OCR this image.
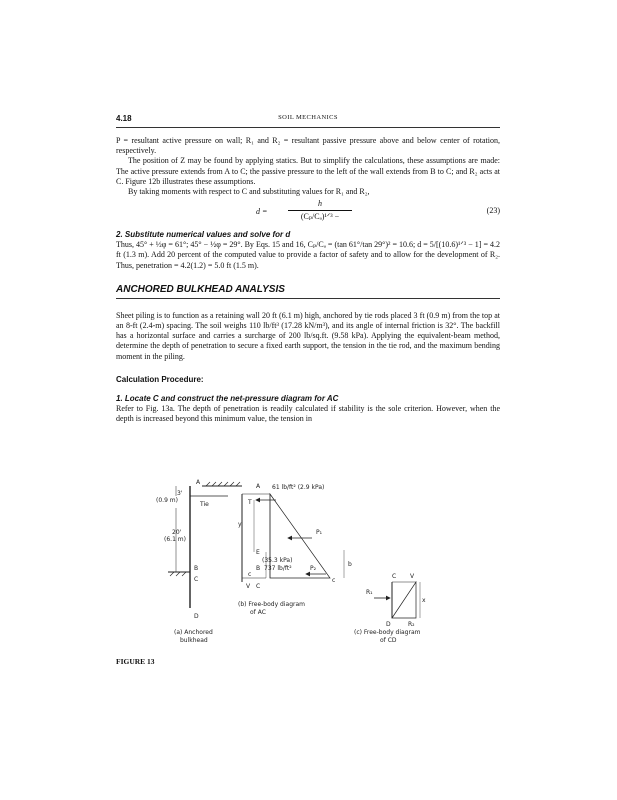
4.18	SOIL MECHANICS

P = resultant active pressure on wall; R₁ and R₂ = resultant passive pressure above and below center of rotation, respectively.

The position of Z may be found by applying statics. But to simplify the calculations, these assumptions are made: The active pressure extends from A to C; the passive pressure to the left of the wall extends from B to C; and R₂ acts at C. Figure 12b illustrates these assumptions.

By taking moments with respect to C and substituting values for R₁ and R₂,

d =
h
(Cₚ/Cₐ)¹ᐟ³ −
(23)
2. Substitute numerical values and solve for d

Thus, 45° + ½φ = 61°; 45° − ½φ = 29°. By Eqs. 15 and 16, Cₚ/Cₐ = (tan 61°/tan 29°)² = 10.6; d = 5/[(10.6)¹ᐟ³ − 1] = 4.2 ft (1.3 m). Add 20 percent of the computed value to provide a factor of safety and to allow for the development of R₂. Thus, penetration = 4.2(1.2) = 5.0 ft (1.5 m).

ANCHORED BULKHEAD ANALYSIS

Sheet piling is to function as a retaining wall 20 ft (6.1 m) high, anchored by tie rods placed 3 ft (0.9 m) from the top at an 8-ft (2.4-m) spacing. The soil weighs 110 lb/ft³ (17.28 kN/m³), and its angle of internal friction is 32°. The backfill has a horizontal surface and carries a surcharge of 200 lb/sq.ft. (9.58 kPa). Applying the equivalent-beam method, determine the depth of penetration to secure a fixed earth support, the tension in the tie rod, and the maximum bending moment in the piling.

Calculation Procedure:
1. Locate C and construct the net-pressure diagram for AC

Refer to Fig. 13a. The depth of penetration is readily calculated if stability is the sole criterion. However, when the depth is increased beyond this minimum value, the tension in

A
3'
(0.9 m)
Tie
20'
(6.1 m)
B
C
D
(a) Anchored
bulkhead
A 61 lb/ft² (2.9 kPa)
T
y
P₁
E
(35.3 kPa)
B 737 lb/ft²	P₂
b
c
c
V C
(b) Free-body diagram
of AC
C V
R₁
x
D	R₂
(c) Free-body diagram
of CD
FIGURE 13
